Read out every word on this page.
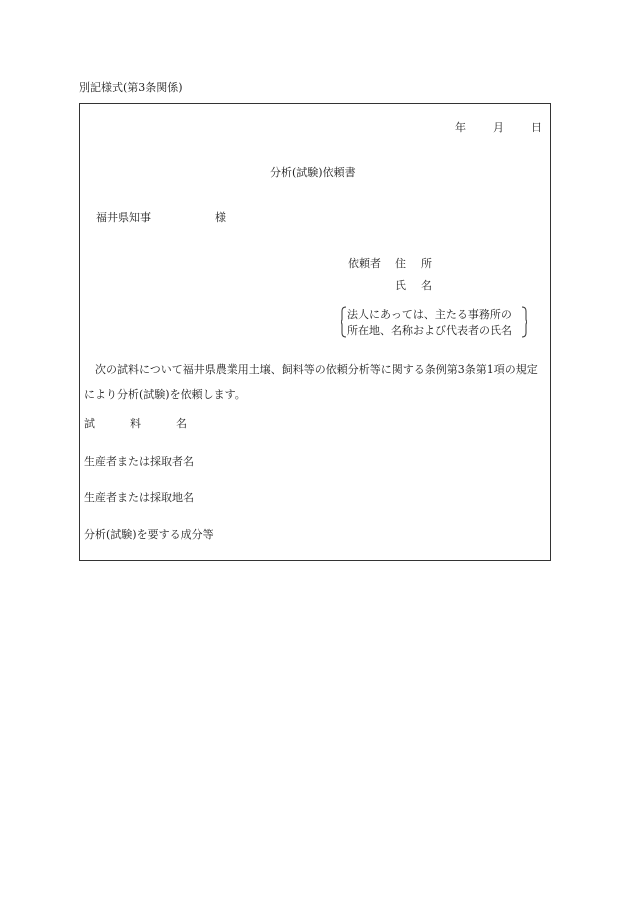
別記様式(第3条関係)
年 月 日
分析(試験)依頼書
福井県知事	様
依頼者 住 所
氏 名
法人にあっては、主たる事務所の
所在地、名称および代表者の氏名

次の試料について福井県農業用土壌、飼料等の依頼分析等に関する条例第3条第1項の規定により分析(試験)を依頼します。

試	料	名
生産者または採取者名
生産者または採取地名
分析(試験)を要する成分等
